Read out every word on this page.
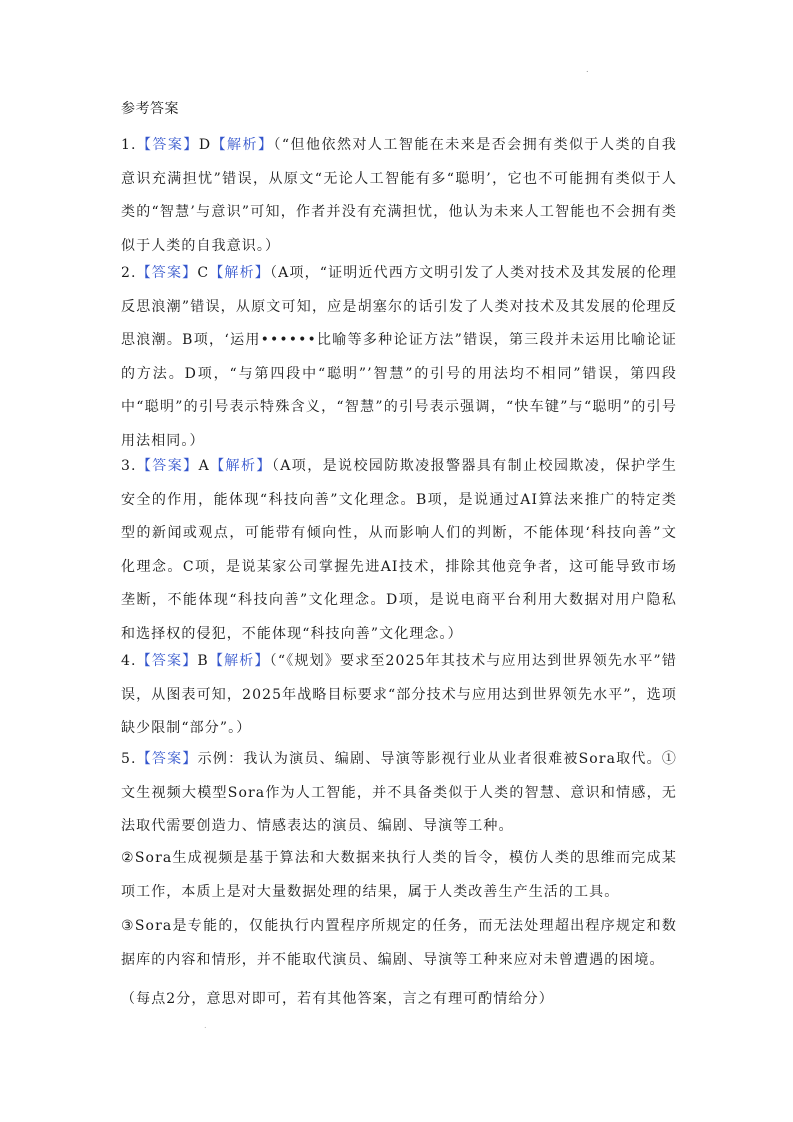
.
参考答案
1.【答案】D【解析】（“但他依然对人工智能在未来是否会拥有类似于人类的自我意识充满担忧”错误，从原文“无论人工智能有多“聪明’，它也不可能拥有类似于人类的“智慧’与意识”可知，作者并没有充满担忧，他认为未来人工智能也不会拥有类似于人类的自我意识。）
2.【答案】C【解析】（A项，“证明近代西方文明引发了人类对技术及其发展的伦理反思浪潮”错误，从原文可知，应是胡塞尔的话引发了人类对技术及其发展的伦理反思浪潮。B项，‘运用••••••比喻等多种论证方法”错误，第三段并未运用比喻论证的方法。D项，“与第四段中“聪明”’智慧”的引号的用法均不相同”错误，第四段中“聪明”的引号表示特殊含义，“智慧”的引号表示强调，“快车键”与“聪明”的引号用法相同。）
3.【答案】A【解析】（A项，是说校园防欺凌报警器具有制止校园欺凌，保护学生安全的作用，能体现“科技向善”文化理念。B项，是说通过AI算法来推广的特定类型的新闻或观点，可能带有倾向性，从而影响人们的判断，不能体现‘科技向善”文化理念。C项，是说某家公司掌握先进AI技术，排除其他竞争者，这可能导致市场垄断，不能体现“科技向善”文化理念。D项，是说电商平台利用大数据对用户隐私和选择权的侵犯，不能体现“科技向善”文化理念。）
4.【答案】B【解析】（“《规划》要求至2025年其技术与应用达到世界领先水平”错误，从图表可知，2025年战略目标要求“部分技术与应用达到世界领先水平”，选项缺少限制“部分”。）
5.【答案】示例：我认为演员、编剧、导演等影视行业从业者很难被Sora取代。①文生视频大模型Sora作为人工智能，并不具备类似于人类的智慧、意识和情感，无法取代需要创造力、情感表达的演员、编剧、导演等工种。
②Sora生成视频是基于算法和大数据来执行人类的旨令，模仿人类的思维而完成某项工作，本质上是对大量数据处理的结果，属于人类改善生产生活的工具。
③Sora是专能的，仅能执行内置程序所规定的任务，而无法处理超出程序规定和数据库的内容和情形，并不能取代演员、编剧、导演等工种来应对未曾遭遇的困境。
（每点2分，意思对即可，若有其他答案，言之有理可酌情给分）
.
